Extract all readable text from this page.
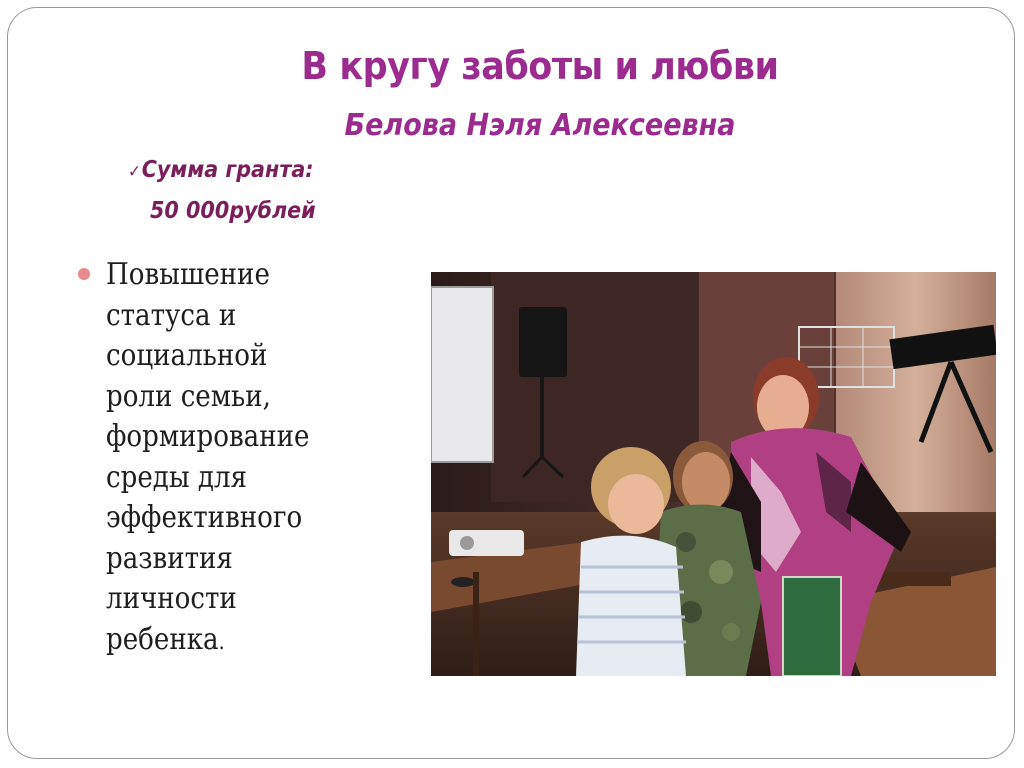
В кругу заботы и любви
Белова Нэля Алексеевна
✓Сумма гранта:
50 000рублей
Повышение
статуса и
социальной
роли семьи,
формирование
среды для
эффективного
развития
личности
ребенка.
